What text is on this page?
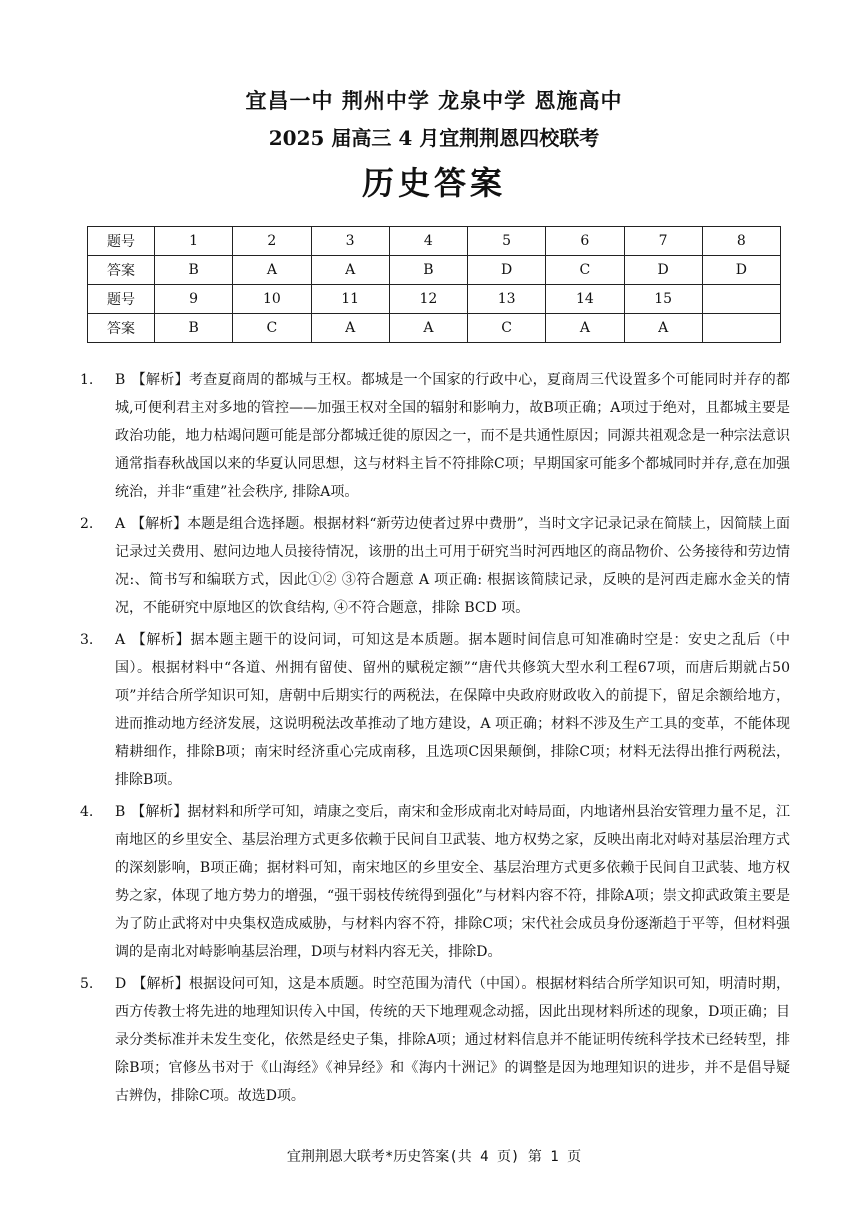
宜昌一中 荆州中学 龙泉中学 恩施高中
2025 届高三 4 月宜荆荆恩四校联考
历史答案
题号	1	2	3	4	5	6	7	8
答案	B	A	A	B	D	C	D	D
题号	9	10	11	12	13	14	15	
答案	B	C	A	A	C	A	A	
1. B 【解析】考查夏商周的都城与王权。都城是一个国家的行政中心，夏商周三代设置多个可能同时并存的都城,可便利君主对多地的管控——加强王权对全国的辐射和影响力，故B项正确；A项过于绝对，且都城主要是政治功能，地力枯竭问题可能是部分都城迁徙的原因之一，而不是共通性原因；同源共祖观念是一种宗法意识通常指春秋战国以来的华夏认同思想，这与材料主旨不符排除C项；早期国家可能多个都城同时并存,意在加强统治，并非“重建”社会秩序, 排除A项。
2. A 【解析】本题是组合选择题。根据材料“新劳边使者过界中费册”，当时文字记录记录在简牍上，因简牍上面记录过关费用、慰问边地人员接待情况，该册的出土可用于研究当时河西地区的商品物价、公务接待和劳边情况:、简书写和编联方式，因此①② ③符合题意 A 项正确: 根据该简牍记录，反映的是河西走廊水金关的情况，不能研究中原地区的饮食结构, ④不符合题意，排除 BCD 项。
3. A 【解析】据本题主题干的设问词，可知这是本质题。据本题时间信息可知准确时空是：安史之乱后（中国）。根据材料中“各道、州拥有留使、留州的赋税定额”“唐代共修筑大型水利工程67项，而唐后期就占50项”并结合所学知识可知，唐朝中后期实行的两税法，在保障中央政府财政收入的前提下，留足余额给地方，进而推动地方经济发展，这说明税法改革推动了地方建设，A 项正确；材料不涉及生产工具的变革，不能体现精耕细作，排除B项；南宋时经济重心完成南移，且选项C因果颠倒，排除C项；材料无法得出推行两税法，排除B项。
4. B 【解析】据材料和所学可知，靖康之变后，南宋和金形成南北对峙局面，内地诸州县治安管理力量不足，江南地区的乡里安全、基层治理方式更多依赖于民间自卫武装、地方权势之家，反映出南北对峙对基层治理方式的深刻影响，B项正确；据材料可知，南宋地区的乡里安全、基层治理方式更多依赖于民间自卫武装、地方权势之家，体现了地方势力的增强，“强干弱枝传统得到强化”与材料内容不符，排除A项；崇文抑武政策主要是为了防止武将对中央集权造成威胁，与材料内容不符，排除C项；宋代社会成员身份逐渐趋于平等，但材料强调的是南北对峙影响基层治理，D项与材料内容无关，排除D。
5. D 【解析】根据设问可知，这是本质题。时空范围为清代（中国）。根据材料结合所学知识可知，明清时期，西方传教士将先进的地理知识传入中国，传统的天下地理观念动摇，因此出现材料所述的现象，D项正确；目录分类标准并未发生变化，依然是经史子集，排除A项；通过材料信息并不能证明传统科学技术已经转型，排除B项；官修丛书对于《山海经》《神异经》和《海内十洲记》的调整是因为地理知识的进步，并不是倡导疑古辨伪，排除C项。故选D项。
宜荆荆恩大联考*历史答案(共 4 页) 第 1 页
